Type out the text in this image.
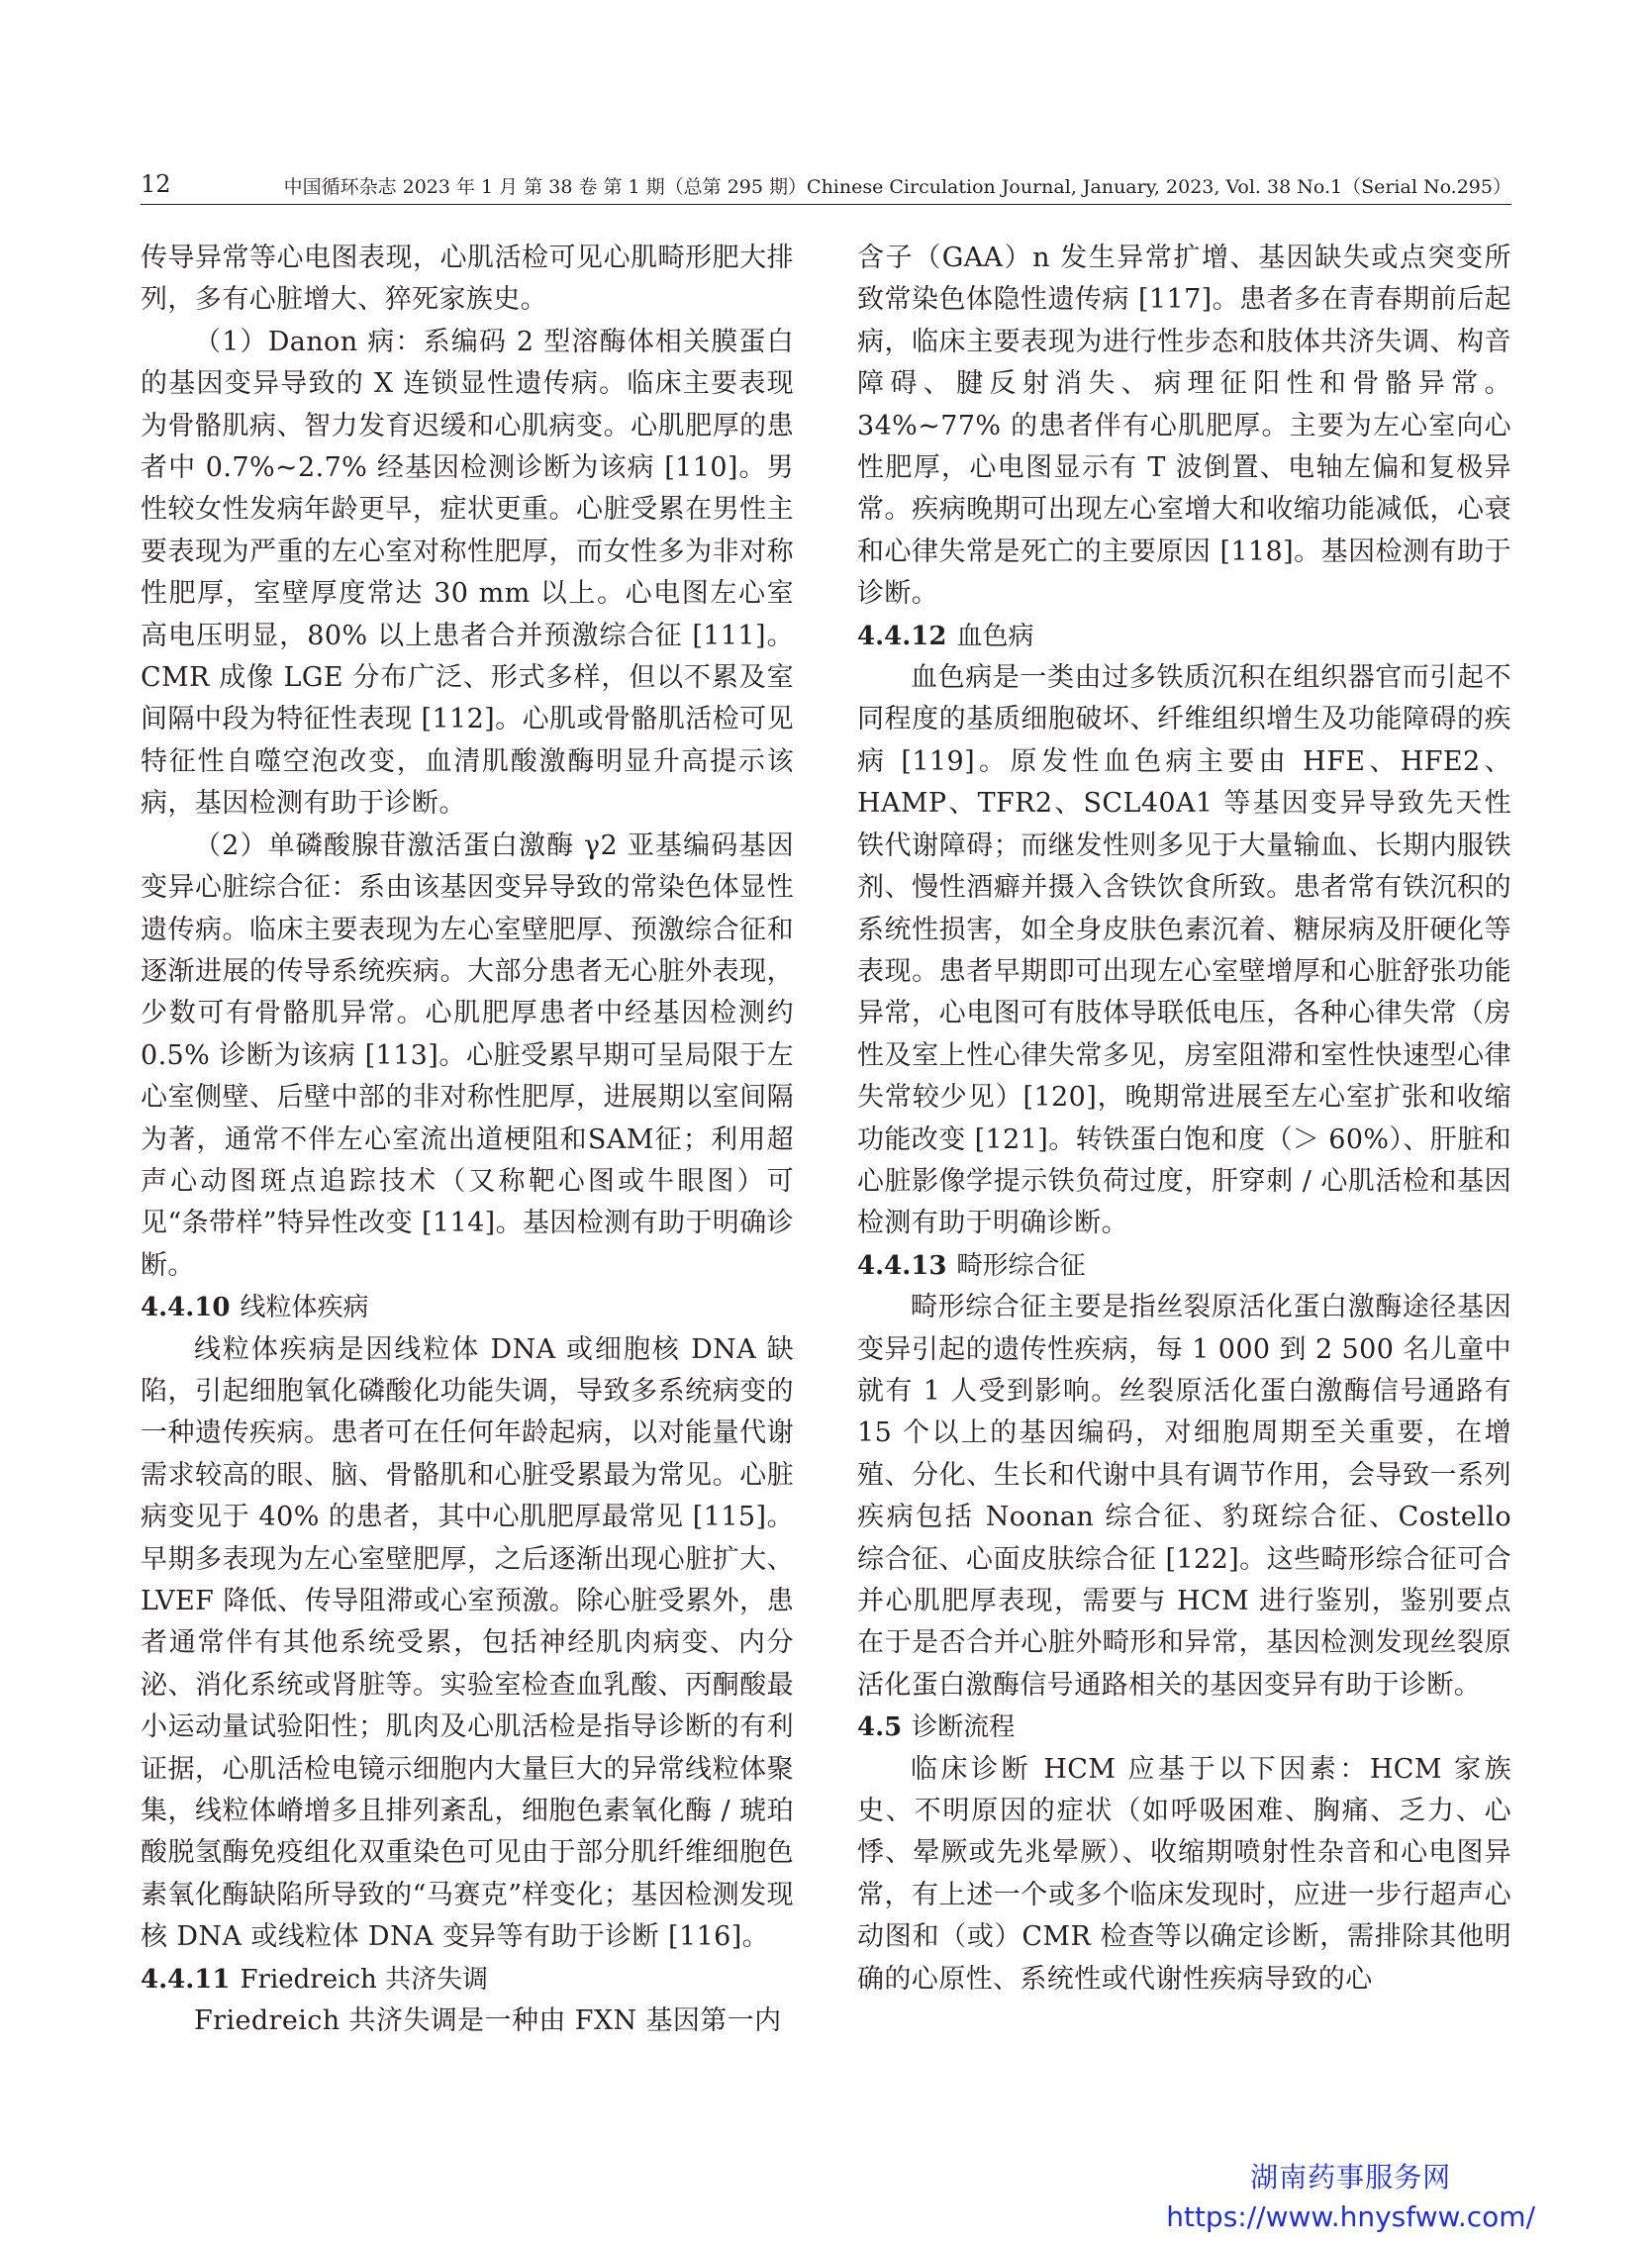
12	中国循环杂志 2023 年 1 月 第 38 卷 第 1 期（总第 295 期）Chinese Circulation Journal, January, 2023, Vol. 38 No.1（Serial No.295）

传导异常等心电图表现，心肌活检可见心肌畸形肥大排列，多有心脏增大、猝死家族史。

（1）Danon 病：系编码 2 型溶酶体相关膜蛋白的基因变异导致的 X 连锁显性遗传病。临床主要表现为骨骼肌病、智力发育迟缓和心肌病变。心肌肥厚的患者中 0.7%~2.7% 经基因检测诊断为该病 [110]。男性较女性发病年龄更早，症状更重。心脏受累在男性主要表现为严重的左心室对称性肥厚，而女性多为非对称性肥厚，室壁厚度常达 30 mm 以上。心电图左心室高电压明显，80% 以上患者合并预激综合征 [111]。CMR 成像 LGE 分布广泛、形式多样，但以不累及室间隔中段为特征性表现 [112]。心肌或骨骼肌活检可见特征性自噬空泡改变，血清肌酸激酶明显升高提示该病，基因检测有助于诊断。

（2）单磷酸腺苷激活蛋白激酶 γ2 亚基编码基因变异心脏综合征：系由该基因变异导致的常染色体显性遗传病。临床主要表现为左心室壁肥厚、预激综合征和逐渐进展的传导系统疾病。大部分患者无心脏外表现，少数可有骨骼肌异常。心肌肥厚患者中经基因检测约 0.5% 诊断为该病 [113]。心脏受累早期可呈局限于左心室侧壁、后壁中部的非对称性肥厚，进展期以室间隔为著，通常不伴左心室流出道梗阻和SAM征；利用超声心动图斑点追踪技术（又称靶心图或牛眼图）可见“条带样”特异性改变 [114]。基因检测有助于明确诊断。

4.4.10 线粒体疾病

线粒体疾病是因线粒体 DNA 或细胞核 DNA 缺陷，引起细胞氧化磷酸化功能失调，导致多系统病变的一种遗传疾病。患者可在任何年龄起病，以对能量代谢需求较高的眼、脑、骨骼肌和心脏受累最为常见。心脏病变见于 40% 的患者，其中心肌肥厚最常见 [115]。早期多表现为左心室壁肥厚，之后逐渐出现心脏扩大、LVEF 降低、传导阻滞或心室预激。除心脏受累外，患者通常伴有其他系统受累，包括神经肌肉病变、内分泌、消化系统或肾脏等。实验室检查血乳酸、丙酮酸最小运动量试验阳性；肌肉及心肌活检是指导诊断的有利证据，心肌活检电镜示细胞内大量巨大的异常线粒体聚集，线粒体嵴增多且排列紊乱，细胞色素氧化酶 / 琥珀酸脱氢酶免疫组化双重染色可见由于部分肌纤维细胞色素氧化酶缺陷所导致的“马赛克”样变化；基因检测发现核 DNA 或线粒体 DNA 变异等有助于诊断 [116]。

4.4.11 Friedreich 共济失调

Friedreich 共济失调是一种由 FXN 基因第一内

含子（GAA）n 发生异常扩增、基因缺失或点突变所致常染色体隐性遗传病 [117]。患者多在青春期前后起病，临床主要表现为进行性步态和肢体共济失调、构音障碍、腱反射消失、病理征阳性和骨骼异常。34%~77% 的患者伴有心肌肥厚。主要为左心室向心性肥厚，心电图显示有 T 波倒置、电轴左偏和复极异常。疾病晚期可出现左心室增大和收缩功能减低，心衰和心律失常是死亡的主要原因 [118]。基因检测有助于诊断。

4.4.12 血色病

血色病是一类由过多铁质沉积在组织器官而引起不同程度的基质细胞破坏、纤维组织增生及功能障碍的疾病 [119]。原发性血色病主要由 HFE、HFE2、HAMP、TFR2、SCL40A1 等基因变异导致先天性铁代谢障碍；而继发性则多见于大量输血、长期内服铁剂、慢性酒癖并摄入含铁饮食所致。患者常有铁沉积的系统性损害，如全身皮肤色素沉着、糖尿病及肝硬化等表现。患者早期即可出现左心室壁增厚和心脏舒张功能异常，心电图可有肢体导联低电压，各种心律失常（房性及室上性心律失常多见，房室阻滞和室性快速型心律失常较少见）[120]，晚期常进展至左心室扩张和收缩功能改变 [121]。转铁蛋白饱和度（＞ 60%）、肝脏和心脏影像学提示铁负荷过度，肝穿刺 / 心肌活检和基因检测有助于明确诊断。

4.4.13 畸形综合征

畸形综合征主要是指丝裂原活化蛋白激酶途径基因变异引起的遗传性疾病，每 1 000 到 2 500 名儿童中就有 1 人受到影响。丝裂原活化蛋白激酶信号通路有 15 个以上的基因编码，对细胞周期至关重要，在增殖、分化、生长和代谢中具有调节作用，会导致一系列疾病包括 Noonan 综合征、豹斑综合征、Costello 综合征、心面皮肤综合征 [122]。这些畸形综合征可合并心肌肥厚表现，需要与 HCM 进行鉴别，鉴别要点在于是否合并心脏外畸形和异常，基因检测发现丝裂原活化蛋白激酶信号通路相关的基因变异有助于诊断。

4.5 诊断流程

临床诊断 HCM 应基于以下因素：HCM 家族史、不明原因的症状（如呼吸困难、胸痛、乏力、心悸、晕厥或先兆晕厥）、收缩期喷射性杂音和心电图异常，有上述一个或多个临床发现时，应进一步行超声心动图和（或）CMR 检查等以确定诊断，需排除其他明确的心原性、系统性或代谢性疾病导致的心

湖南药事服务网
https://www.hnysfww.com/
